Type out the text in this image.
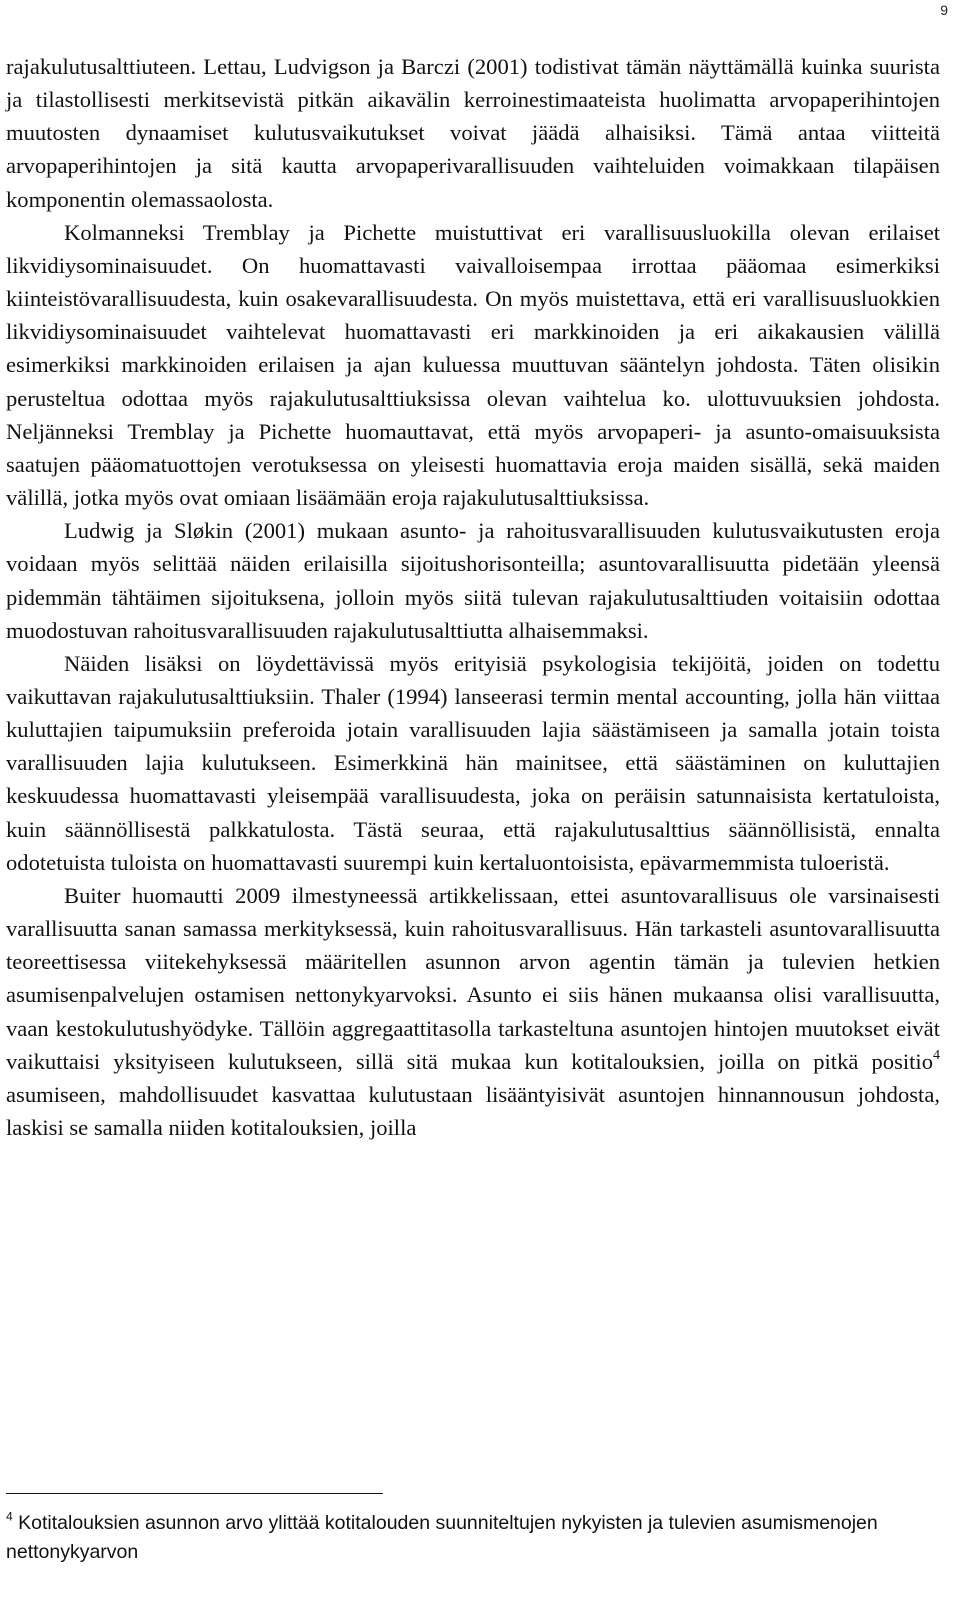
9

rajakulutusalttiuteen. Lettau, Ludvigson ja Barczi (2001) todistivat tämän näyttämällä kuinka suurista ja tilastollisesti merkitsevistä pitkän aikavälin kerroinestimaateista huolimatta arvopaperihintojen muutosten dynaamiset kulutusvaikutukset voivat jäädä alhaisiksi. Tämä antaa viitteitä arvopaperihintojen ja sitä kautta arvopaperivarallisuuden vaihteluiden voimakkaan tilapäisen komponentin olemassaolosta.

Kolmanneksi Tremblay ja Pichette muistuttivat eri varallisuusluokilla olevan erilaiset likvidiysominaisuudet. On huomattavasti vaivalloisempaa irrottaa pääomaa esimerkiksi kiinteistövarallisuudesta, kuin osakevarallisuudesta. On myös muistettava, että eri varallisuusluokkien likvidiysominaisuudet vaihtelevat huomattavasti eri markkinoiden ja eri aikakausien välillä esimerkiksi markkinoiden erilaisen ja ajan kuluessa muuttuvan sääntelyn johdosta. Täten olisikin perusteltua odottaa myös rajakulutusalttiuksissa olevan vaihtelua ko. ulottuvuuksien johdosta. Neljänneksi Tremblay ja Pichette huomauttavat, että myös arvopaperi- ja asunto-omaisuuksista saatujen pääomatuottojen verotuksessa on yleisesti huomattavia eroja maiden sisällä, sekä maiden välillä, jotka myös ovat omiaan lisäämään eroja rajakulutusalttiuksissa.

Ludwig ja Sløkin (2001) mukaan asunto- ja rahoitusvarallisuuden kulutusvaikutusten eroja voidaan myös selittää näiden erilaisilla sijoitushorisonteilla; asuntovarallisuutta pidetään yleensä pidemmän tähtäimen sijoituksena, jolloin myös siitä tulevan rajakulutusalttiuden voitaisiin odottaa muodostuvan rahoitusvarallisuuden rajakulutusalttiutta alhaisemmaksi.

Näiden lisäksi on löydettävissä myös erityisiä psykologisia tekijöitä, joiden on todettu vaikuttavan rajakulutusalttiuksiin. Thaler (1994) lanseerasi termin mental accounting, jolla hän viittaa kuluttajien taipumuksiin preferoida jotain varallisuuden lajia säästämiseen ja samalla jotain toista varallisuuden lajia kulutukseen. Esimerkkinä hän mainitsee, että säästäminen on kuluttajien keskuudessa huomattavasti yleisempää varallisuudesta, joka on peräisin satunnaisista kertatuloista, kuin säännöllisestä palkkatulosta. Tästä seuraa, että rajakulutusalttius säännöllisistä, ennalta odotetuista tuloista on huomattavasti suurempi kuin kertaluontoisista, epävarmemmista tuloeristä.

Buiter huomautti 2009 ilmestyneessä artikkelissaan, ettei asuntovarallisuus ole varsinaisesti varallisuutta sanan samassa merkityksessä, kuin rahoitusvarallisuus. Hän tarkasteli asuntovarallisuutta teoreettisessa viitekehyksessä määritellen asunnon arvon agentin tämän ja tulevien hetkien asumisenpalvelujen ostamisen nettonykyarvoksi. Asunto ei siis hänen mukaansa olisi varallisuutta, vaan kestokulutushyödyke. Tällöin aggregaattitasolla tarkasteltuna asuntojen hintojen muutokset eivät vaikuttaisi yksityiseen kulutukseen, sillä sitä mukaa kun kotitalouksien, joilla on pitkä positio$^4$ asumiseen, mahdollisuudet kasvattaa kulutustaan lisääntyisivät asuntojen hinnannousun johdosta, laskisi se samalla niiden kotitalouksien, joilla

$^4$ Kotitalouksien asunnon arvo ylittää kotitalouden suunniteltujen nykyisten ja tulevien asumismenojen nettonykyarvon
